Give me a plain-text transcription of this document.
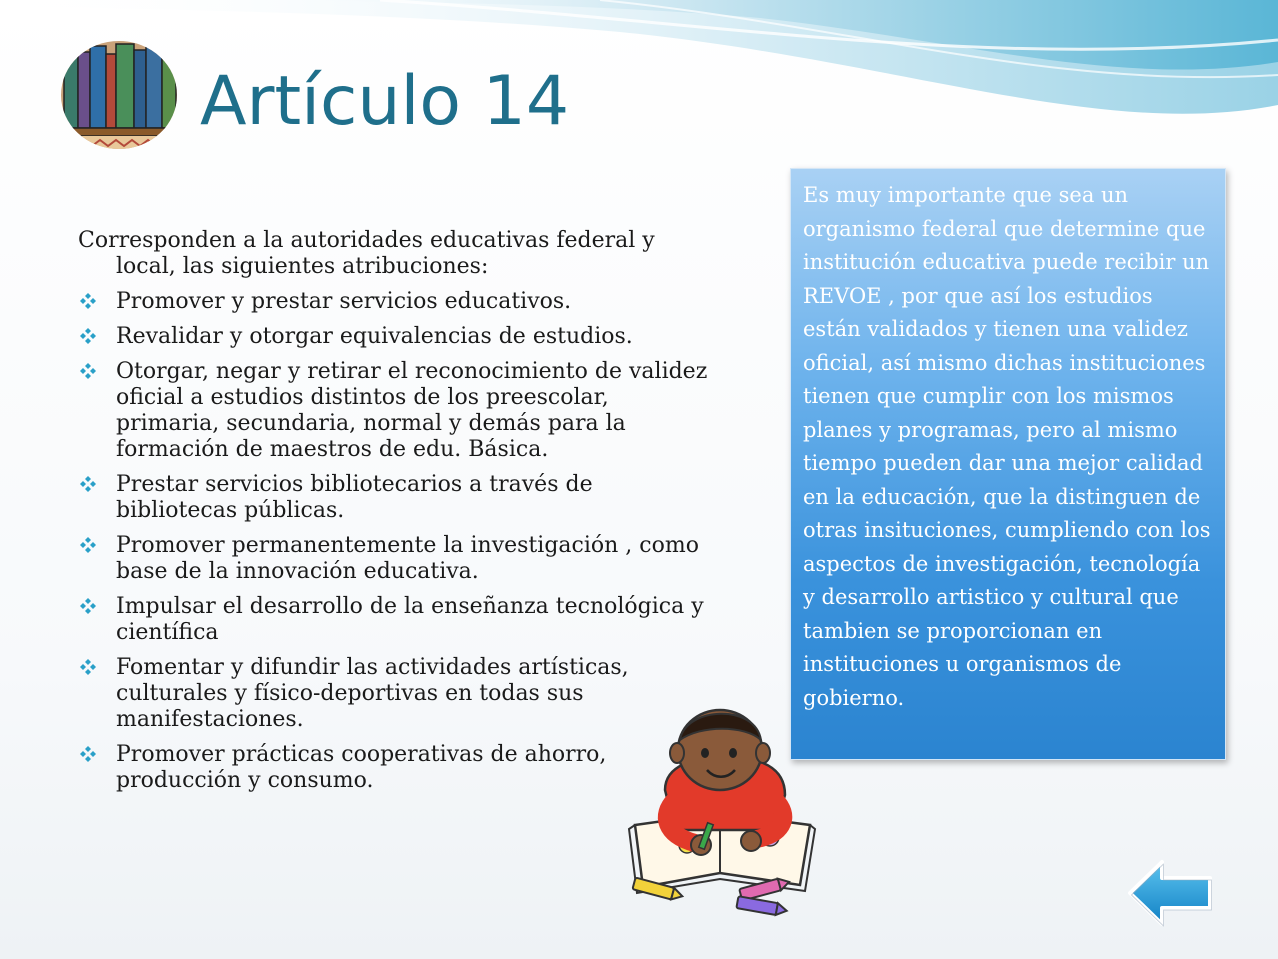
Artículo 14

Corresponden a la autoridades educativas federal y local, las siguientes atribuciones:

Promover y prestar servicios educativos.
Revalidar y otorgar equivalencias de estudios.
Otorgar, negar y retirar el reconocimiento de validez oficial a estudios distintos de los preescolar, primaria, secundaria, normal y demás para la formación de maestros de edu. Básica.
Prestar servicios bibliotecarios a través de bibliotecas públicas.
Promover permanentemente la investigación , como base de la innovación educativa.
Impulsar el desarrollo de la enseñanza tecnológica y científica
Fomentar y difundir las actividades artísticas, culturales y físico-deportivas en todas sus manifestaciones.
Promover prácticas cooperativas de ahorro, producción y consumo.

Es muy importante que sea un organismo federal que determine que institución educativa puede recibir un REVOE , por que así los estudios están validados y tienen una validez oficial, así mismo dichas instituciones tienen que cumplir con los mismos planes y programas, pero al mismo tiempo pueden dar una mejor calidad en la educación, que la distinguen de otras insituciones, cumpliendo con los aspectos de investigación, tecnología y desarrollo artistico y cultural que tambien se proporcionan en instituciones u organismos de gobierno.
